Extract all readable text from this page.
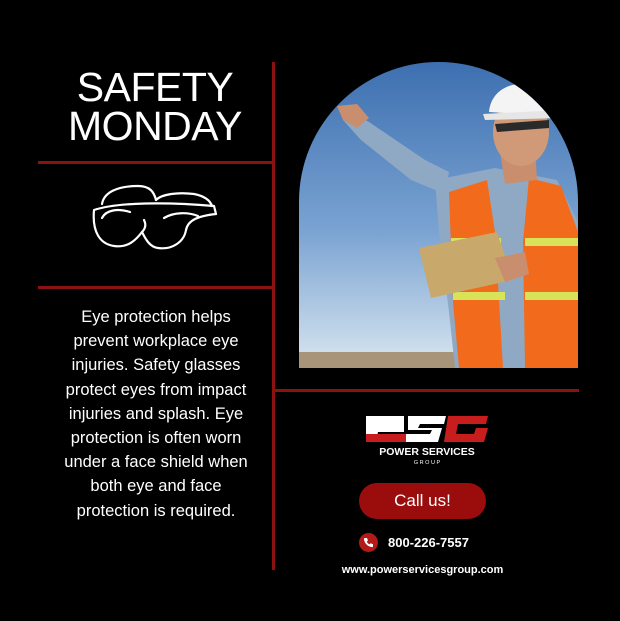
SAFETY
MONDAY
Eye protection helps prevent workplace eye injuries. Safety glasses protect eyes from impact injuries and splash. Eye protection is often worn under a face shield when both eye and face protection is required.
POWER SERVICES
G R O U P
Call us!
800-226-7557
www.powerservicesgroup.com
